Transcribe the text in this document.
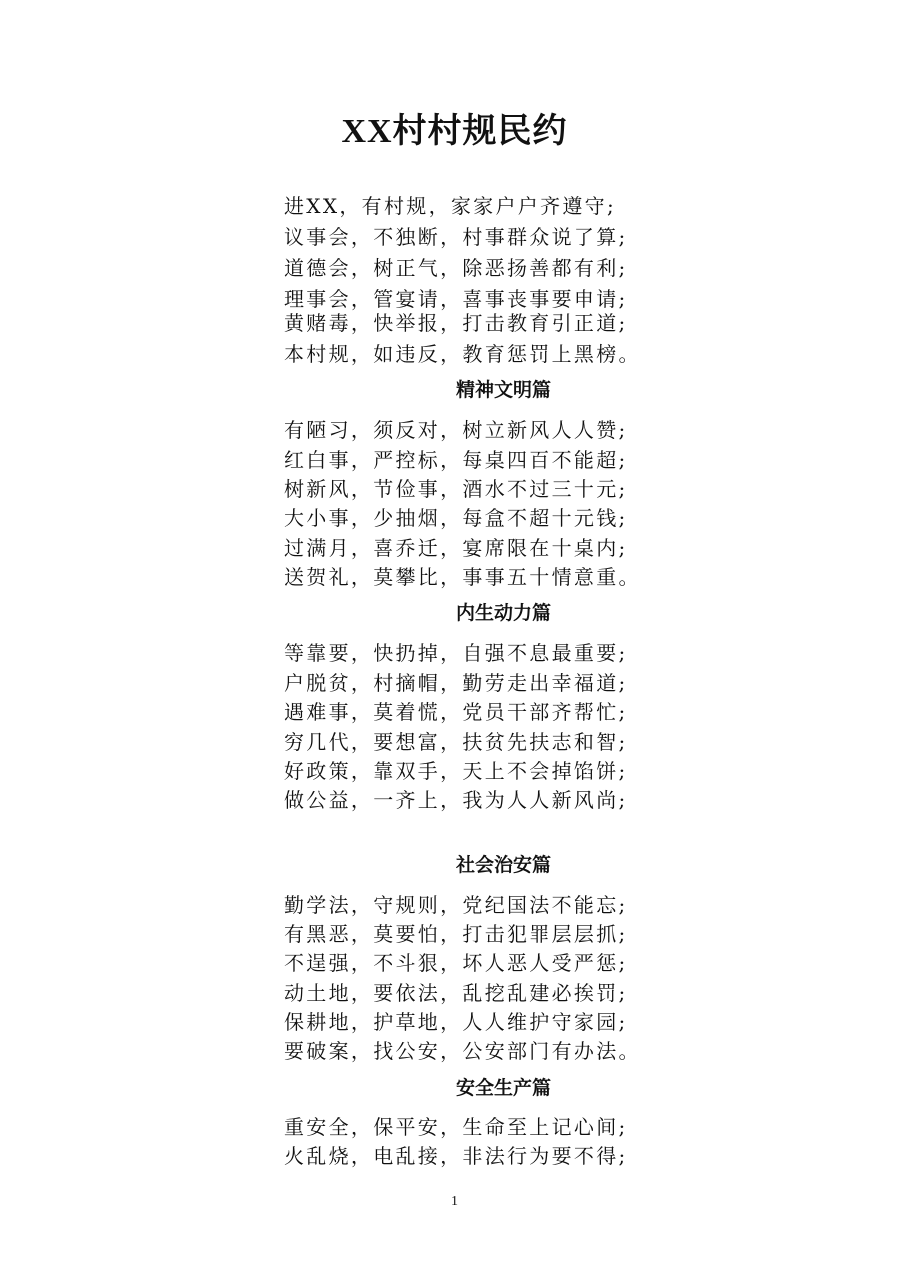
XX村村规民约
进XX，有村规，家家户户齐遵守;
议事会，不独断，村事群众说了算;
道德会，树正气，除恶扬善都有利;
理事会，管宴请，喜事丧事要申请;
黄赌毒，快举报，打击教育引正道;
本村规，如违反，教育惩罚上黑榜。
精神文明篇
有陋习，须反对，树立新风人人赞;
红白事，严控标，每桌四百不能超;
树新风，节俭事，酒水不过三十元;
大小事，少抽烟，每盒不超十元钱;
过满月，喜乔迁，宴席限在十桌内;
送贺礼，莫攀比，事事五十情意重。
内生动力篇
等靠要，快扔掉，自强不息最重要;
户脱贫，村摘帽，勤劳走出幸福道;
遇难事，莫着慌，党员干部齐帮忙;
穷几代，要想富，扶贫先扶志和智;
好政策，靠双手，天上不会掉馅饼;
做公益，一齐上，我为人人新风尚;
社会治安篇
勤学法，守规则，党纪国法不能忘;
有黑恶，莫要怕，打击犯罪层层抓;
不逞强，不斗狠，坏人恶人受严惩;
动土地，要依法，乱挖乱建必挨罚;
保耕地，护草地，人人维护守家园;
要破案，找公安，公安部门有办法。
安全生产篇
重安全，保平安，生命至上记心间;
火乱烧，电乱接，非法行为要不得;
1
